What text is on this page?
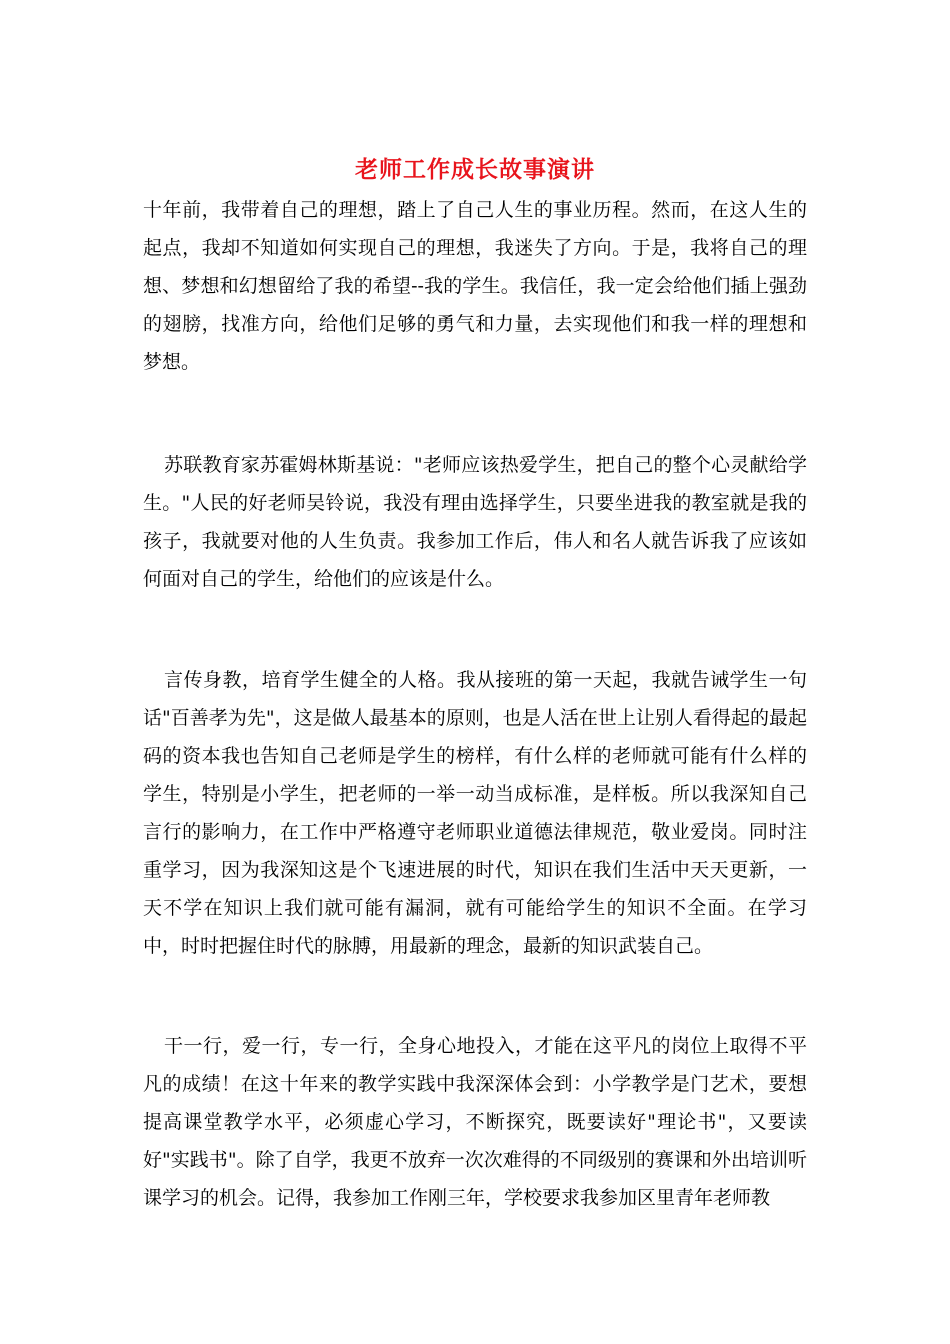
老师工作成长故事演讲

十年前，我带着自己的理想，踏上了自己人生的事业历程。然而，在这人生的起点，我却不知道如何实现自己的理想，我迷失了方向。于是，我将自己的理想、梦想和幻想留给了我的希望--我的学生。我信任，我一定会给他们插上强劲的翅膀，找准方向，给他们足够的勇气和力量，去实现他们和我一样的理想和梦想。

苏联教育家苏霍姆林斯基说："老师应该热爱学生，把自己的整个心灵献给学生。"人民的好老师吴铃说，我没有理由选择学生，只要坐进我的教室就是我的孩子，我就要对他的人生负责。我参加工作后，伟人和名人就告诉我了应该如何面对自己的学生，给他们的应该是什么。

言传身教，培育学生健全的人格。我从接班的第一天起，我就告诫学生一句话"百善孝为先"，这是做人最基本的原则，也是人活在世上让别人看得起的最起码的资本我也告知自己老师是学生的榜样，有什么样的老师就可能有什么样的学生，特别是小学生，把老师的一举一动当成标准，是样板。所以我深知自己言行的影响力，在工作中严格遵守老师职业道德法律规范，敬业爱岗。同时注重学习，因为我深知这是个飞速进展的时代，知识在我们生活中天天更新，一天不学在知识上我们就可能有漏洞，就有可能给学生的知识不全面。在学习中，时时把握住时代的脉膊，用最新的理念，最新的知识武装自己。

干一行，爱一行，专一行，全身心地投入，才能在这平凡的岗位上取得不平凡的成绩！在这十年来的教学实践中我深深体会到：小学教学是门艺术，要想提高课堂教学水平，必须虚心学习，不断探究，既要读好"理论书"，又要读好"实践书"。除了自学，我更不放弃一次次难得的不同级别的赛课和外出培训听课学习的机会。记得，我参加工作刚三年，学校要求我参加区里青年老师教
